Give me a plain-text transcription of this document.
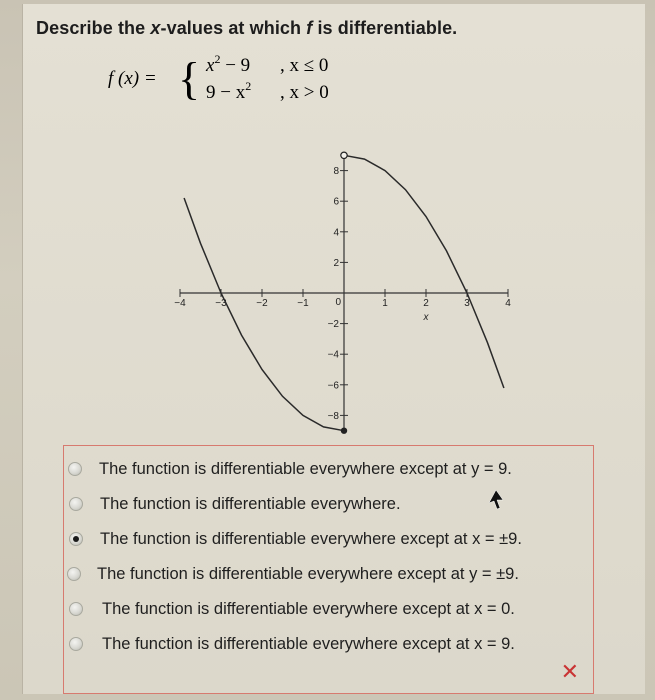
Describe the x-values at which f is differentiable.
f (x) = { $x^2 - 9$ , x ≤ 0
$9 - x^2$ , x > 0
−4	−3	−2	−1	1	2	3	4
8
6
4
2
−2
−4
−6
−8
0
x
The function is differentiable everywhere except at y = 9.
The function is differentiable everywhere.
The function is differentiable everywhere except at x = ±9.
The function is differentiable everywhere except at y = ±9.
The function is differentiable everywhere except at x = 0.
The function is differentiable everywhere except at x = 9.
✕
